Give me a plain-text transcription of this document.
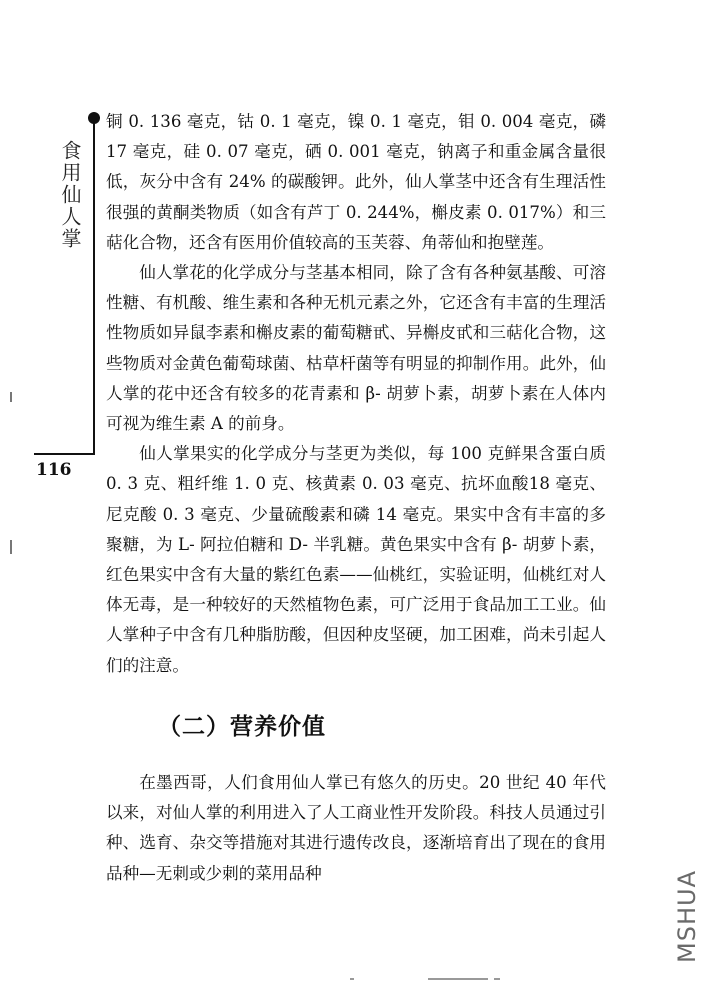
食用仙人掌
116

铜 0. 136 毫克，钴 0. 1 毫克，镍 0. 1 毫克，钼 0. 004 毫克，磷 17 毫克，硅 0. 07 毫克，硒 0. 001 毫克，钠离子和重金属含量很低，灰分中含有 24% 的碳酸钾。此外，仙人掌茎中还含有生理活性很强的黄酮类物质（如含有芦丁 0. 244%，槲皮素 0. 017%）和三萜化合物，还含有医用价值较高的玉芙蓉、角蒂仙和抱壁莲。

仙人掌花的化学成分与茎基本相同，除了含有各种氨基酸、可溶性糖、有机酸、维生素和各种无机元素之外，它还含有丰富的生理活性物质如异鼠李素和槲皮素的葡萄糖甙、异槲皮甙和三萜化合物，这些物质对金黄色葡萄球菌、枯草杆菌等有明显的抑制作用。此外，仙人掌的花中还含有较多的花青素和 β- 胡萝卜素，胡萝卜素在人体内可视为维生素 A 的前身。

仙人掌果实的化学成分与茎更为类似，每 100 克鲜果含蛋白质 0. 3 克、粗纤维 1. 0 克、核黄素 0. 03 毫克、抗坏血酸18 毫克、尼克酸 0. 3 毫克、少量硫酸素和磷 14 毫克。果实中含有丰富的多聚糖，为 L- 阿拉伯糖和 D- 半乳糖。黄色果实中含有 β- 胡萝卜素，红色果实中含有大量的紫红色素——仙桃红，实验证明，仙桃红对人体无毒，是一种较好的天然植物色素，可广泛用于食品加工工业。仙人掌种子中含有几种脂肪酸，但因种皮坚硬，加工困难，尚未引起人们的注意。

（二）营养价值

在墨西哥，人们食用仙人掌已有悠久的历史。20 世纪 40 年代以来，对仙人掌的利用进入了人工商业性开发阶段。科技人员通过引种、选育、杂交等措施对其进行遗传改良，逐渐培育出了现在的食用品种—无刺或少刺的菜用品种	MSHUA
